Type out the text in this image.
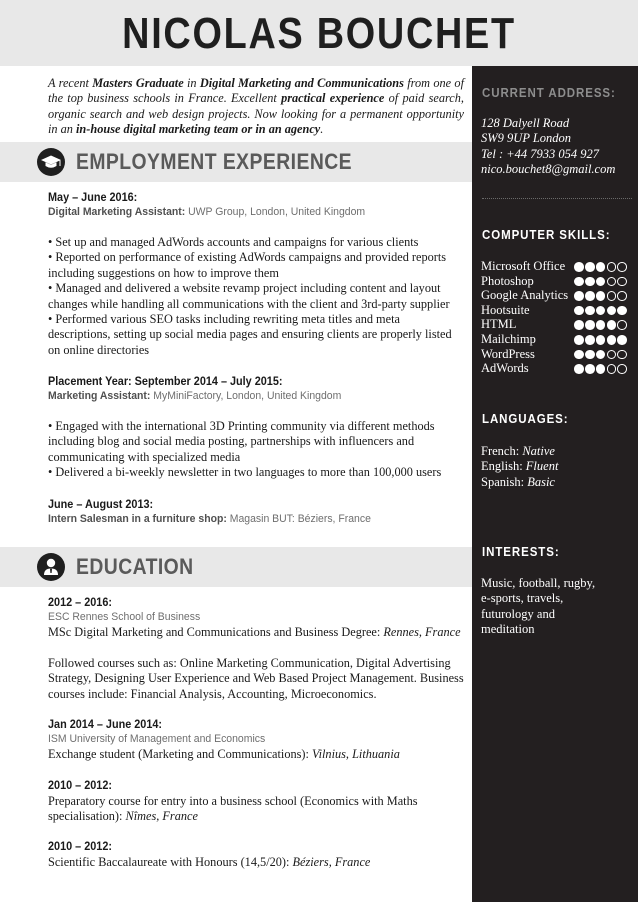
NICOLAS BOUCHET
A recent Masters Graduate in Digital Marketing and Communications from one of the top business schools in France. Excellent practical experience of paid search, organic search and web design projects. Now looking for a permanent opportunity in an in-house digital marketing team or in an agency.
EMPLOYMENT EXPERIENCE
May – June 2016:
Digital Marketing Assistant: UWP Group, London, United Kingdom

• Set up and managed AdWords accounts and campaigns for various clients

• Reported on performance of existing AdWords campaigns and provided reports including suggestions on how to improve them

• Managed and delivered a website revamp project including content and layout changes while handling all communications with the client and 3rd-party supplier

• Performed various SEO tasks including rewriting meta titles and meta descriptions, setting up social media pages and ensuring clients are properly listed on online directories

Placement Year: September 2014 – July 2015:
Marketing Assistant: MyMiniFactory, London, United Kingdom

• Engaged with the international 3D Printing community via different methods including blog and social media posting, partnerships with influencers and communicating with specialized media

• Delivered a bi-weekly newsletter in two languages to more than 100,000 users

June – August 2013:
Intern Salesman in a furniture shop: Magasin BUT: Béziers, France
EDUCATION
2012 – 2016:
ESC Rennes School of Business
MSc Digital Marketing and Communications and Business Degree: Rennes, France
Followed courses such as: Online Marketing Communication, Digital Advertising Strategy, Designing User Experience and Web Based Project Management. Business courses include: Financial Analysis, Accounting, Microeconomics.
Jan 2014 – June 2014:
ISM University of Management and Economics
Exchange student (Marketing and Communications): Vilnius, Lithuania
2010 – 2012:
Preparatory course for entry into a business school (Economics with Maths specialisation): Nîmes, France
2010 – 2012:
Scientific Baccalaureate with Honours (14,5/20): Béziers, France
CURRENT ADDRESS:
128 Dalyell Road
SW9 9UP London
Tel : +44 7933 054 927
nico.bouchet8@gmail.com
COMPUTER SKILLS:
Microsoft Office
Photoshop
Google Analytics
Hootsuite
HTML
Mailchimp
WordPress
AdWords
LANGUAGES:
French: Native
English: Fluent
Spanish: Basic
INTERESTS:
Music, football, rugby, e-sports, travels, futurology and meditation
